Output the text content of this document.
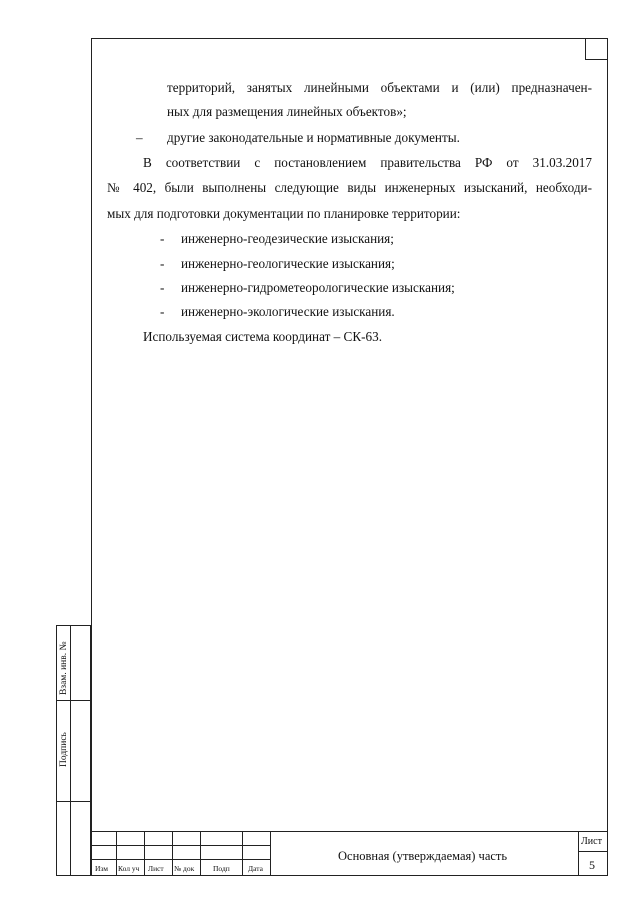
территорий, занятых линейными объектами и (или) предназначен-
ных для размещения линейных объектов»;
– другие законодательные и нормативные документы.
В соответствии с постановлением правительства РФ от 31.03.2017
№ 402, были выполнены следующие виды инженерных изысканий, необходи-
мых для подготовки документации по планировке территории:
- инженерно-геодезические изыскания;
- инженерно-геологические изыскания;
- инженерно-гидрометеорологические изыскания;
- инженерно-экологические изыскания.
Используемая система координат – СК-63.
Взам. инв. №
Подпись
Изм Кол уч Лист № док	Подп Дата
Основная (утверждаемая) часть
Лист
5
